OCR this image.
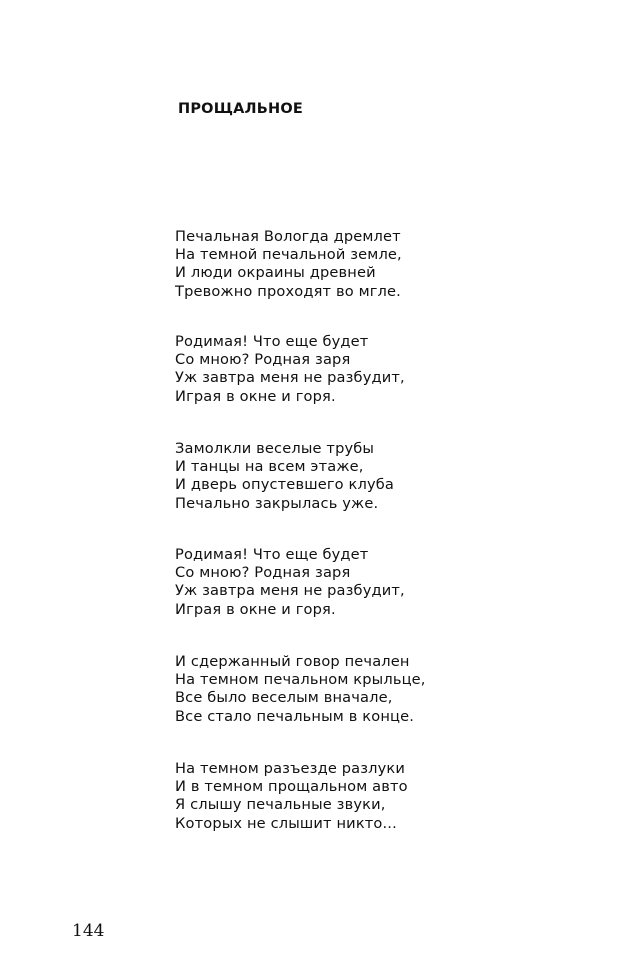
ПРОЩАЛЬНОЕ

Печальная Вологда дремлет
На темной печальной земле,
И люди окраины древней
Тревожно проходят во мгле.

Родимая! Что еще будет
Со мною? Родная заря
Уж завтра меня не разбудит,
Играя в окне и горя.

Замолкли веселые трубы
И танцы на всем этаже,
И дверь опустевшего клуба
Печально закрылась уже.

Родимая! Что еще будет
Со мною? Родная заря
Уж завтра меня не разбудит,
Играя в окне и горя.

И сдержанный говор печален
На темном печальном крыльце,
Все было веселым вначале,
Все стало печальным в конце.

На темном разъезде разлуки
И в темном прощальном авто
Я слышу печальные звуки,
Которых не слышит никто...

144
